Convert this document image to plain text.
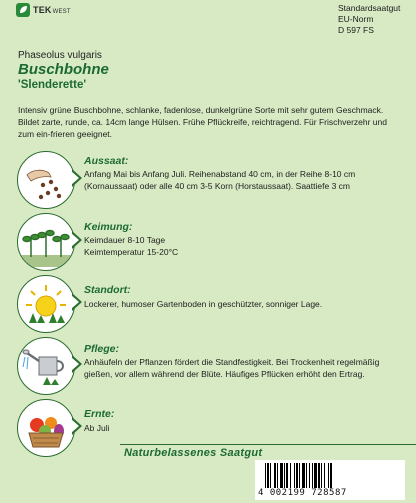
TEKWEST	Standardsaatgut
EU-Norm
D 597 FS
Phaseolus vulgaris
Buschbohne
'Slenderette'
Intensiv grüne Buschbohne, schlanke, fadenlose, dunkelgrüne Sorte mit sehr gutem Geschmack. Bildet zarte, runde, ca. 14cm lange Hülsen. Frühe Pflückreife, reichtragend. Für Frischverzehr und zum ein-frieren geeignet.
Aussaat:
Anfang Mai bis Anfang Juli. Reihenabstand 40 cm, in der Reihe 8-10 cm (Kornaussaat) oder alle 40 cm 3-5 Korn (Horstaussaat). Saattiefe 3 cm
Keimung:
Keimdauer 8-10 Tage
Keimtemperatur 15-20°C
Standort:
Lockerer, humoser Gartenboden in geschützter, sonniger Lage.
Pflege:
Anhäufeln der Pflanzen fördert die Standfestigkeit. Bei Trockenheit regelmäßig gießen, vor allem während der Blüte. Häufiges Pflücken erhöht den Ertrag.
Ernte:
Ab Juli
Naturbelassenes Saatgut
4 002199 728587
